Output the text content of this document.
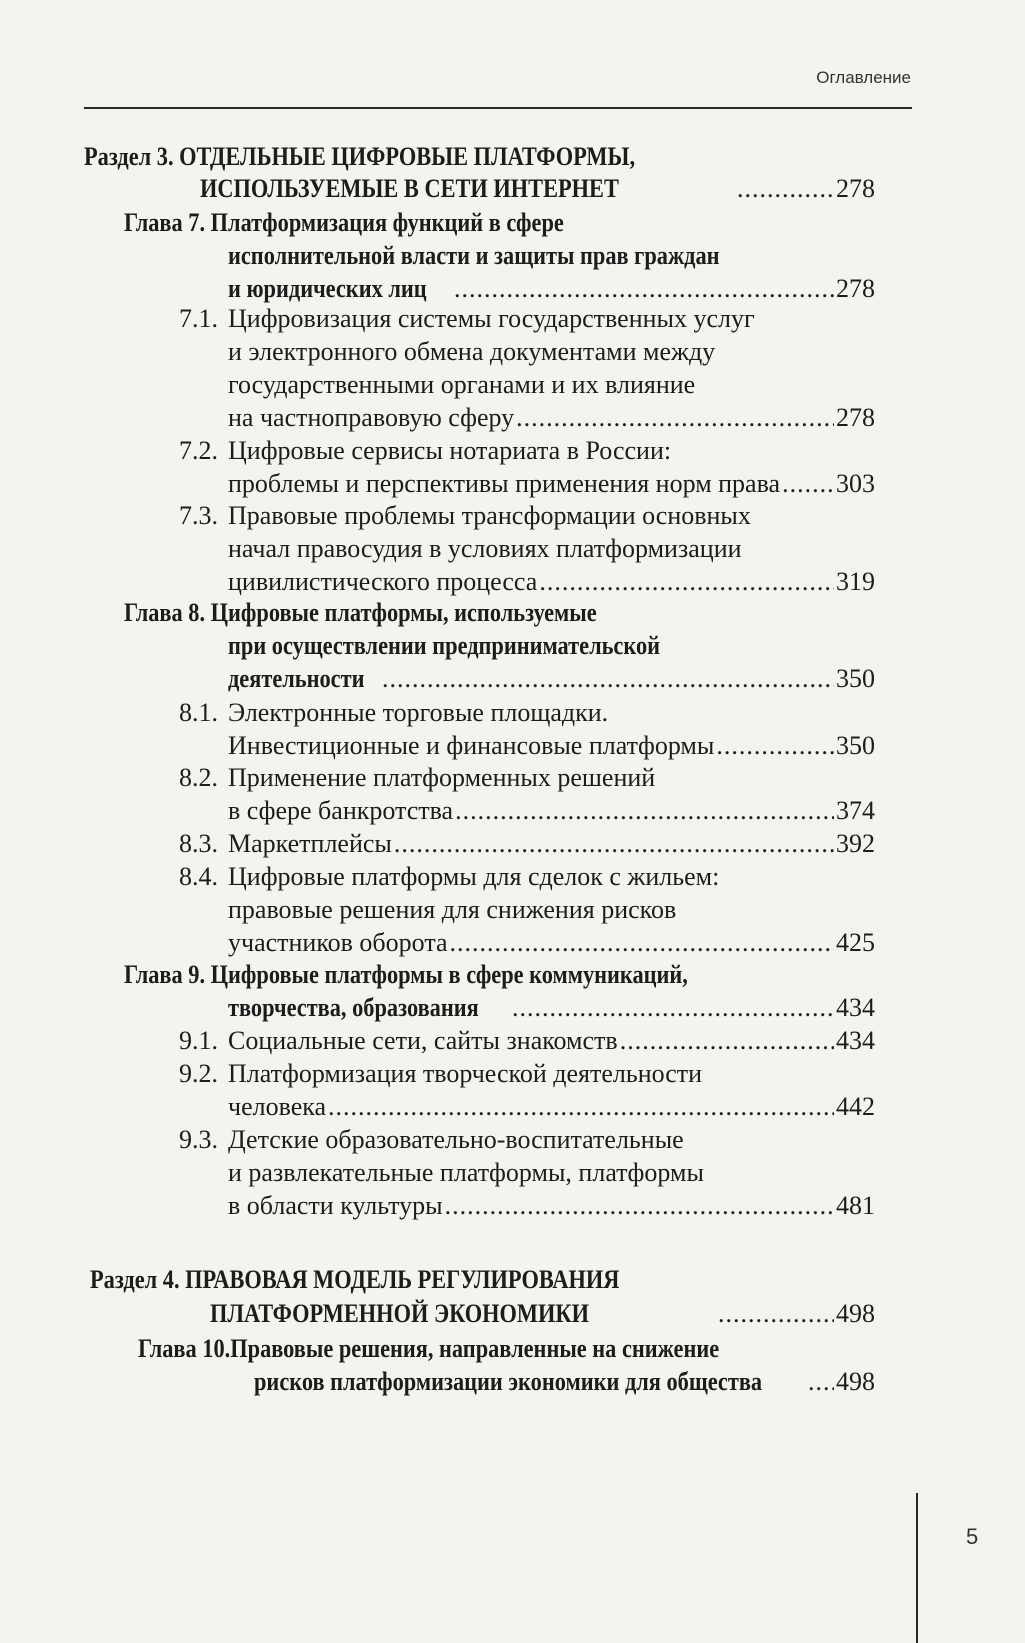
Оглавление
Раздел 3.
ОТДЕЛЬНЫЕ ЦИФРОВЫЕ ПЛАТФОРМЫ,
ИСПОЛЬЗУЕМЫЕ В СЕТИ ИНТЕРНЕТ .....	278
Глава 7.
Платформизация функций в сфере
исполнительной власти и защиты прав граждан
и юридических лиц .....	278
7.1. Цифровизация системы государственных услуг
и электронного обмена документами между
государственными органами и их влияние
на частноправовую сферу .....	278
7.2. Цифровые сервисы нотариата в России:
проблемы и перспективы применения норм права ..... 303
7.3. Правовые проблемы трансформации основных
начал правосудия в условиях платформизации
цивилистического процесса .....	319
Глава 8.
Цифровые платформы, используемые
при осуществлении предпринимательской
деятельности .....	350
8.1. Электронные торговые площадки.
Инвестиционные и финансовые платформы .....	350
8.2. Применение платформенных решений
в сфере банкротства .....	374
8.3. Маркетплейсы .....	392
8.4. Цифровые платформы для сделок с жильем:
правовые решения для снижения рисков
участников оборота .....	425
Глава 9.
Цифровые платформы в сфере коммуникаций,
творчества, образования .....	434
9.1. Социальные сети, сайты знакомств .....	434
9.2. Платформизация творческой деятельности
человека .....	442
9.3. Детские образовательно-воспитательные
и развлекательные платформы, платформы
в области культуры .....	481
Раздел 4.
ПРАВОВАЯ МОДЕЛЬ РЕГУЛИРОВАНИЯ
ПЛАТФОРМЕННОЙ ЭКОНОМИКИ .....	498
Глава 10. Правовые решения, направленные на снижение
рисков платформизации экономики для общества .....	498
5
